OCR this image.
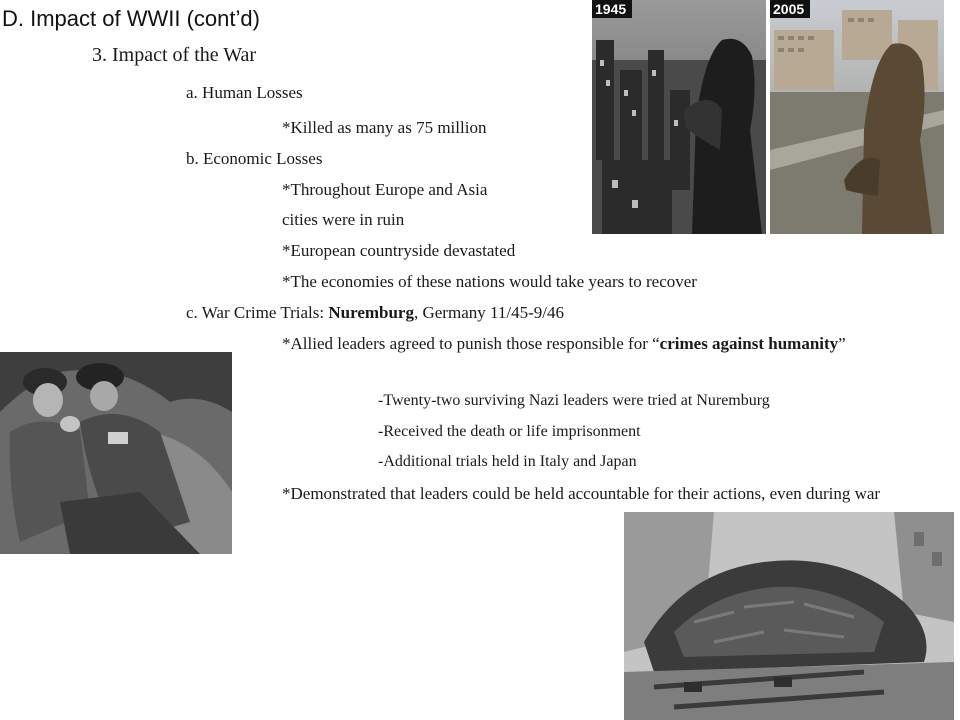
D. Impact of WWII (cont’d)
3. Impact of the War
a. Human Losses
*Killed as many as 75 million
b. Economic Losses
*Throughout Europe and Asia
cities were in ruin
*European countryside devastated
*The economies of these nations would take years to recover
c. War Crime Trials: Nuremburg, Germany 11/45-9/46
*Allied leaders agreed to punish those responsible for “crimes against humanity”
-Twenty-two surviving Nazi leaders were tried at Nuremburg
-Received the death or life imprisonment
-Additional trials held in Italy and Japan
*Demonstrated that leaders could be held accountable for their actions, even during war
1945	2005
